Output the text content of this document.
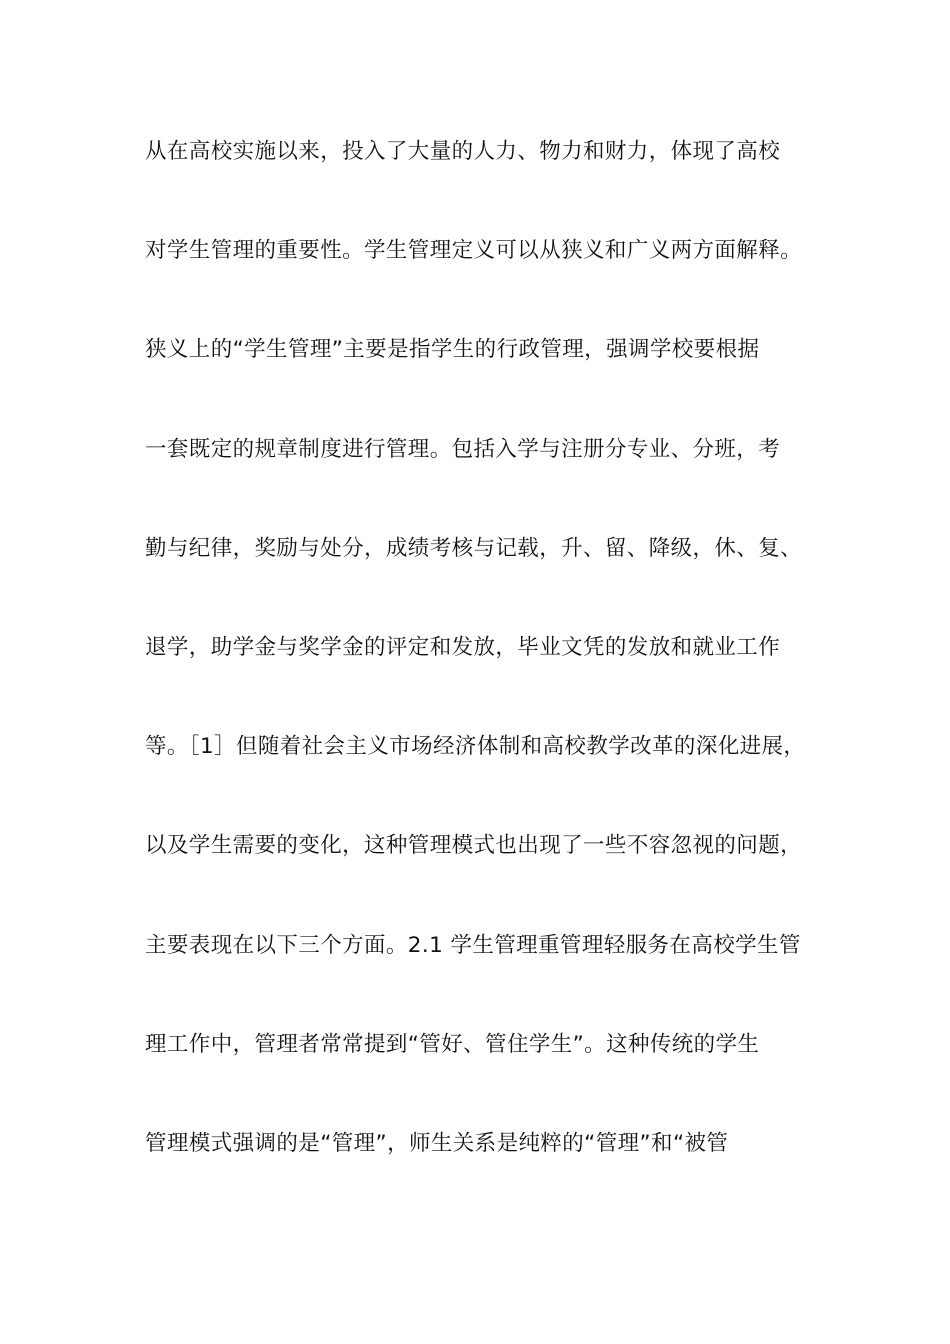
从在高校实施以来，投入了大量的人力、物力和财力，体现了高校
对学生管理的重要性。学生管理定义可以从狭义和广义两方面解释。
狭义上的“学生管理”主要是指学生的行政管理，强调学校要根据
一套既定的规章制度进行管理。包括入学与注册分专业、分班，考
勤与纪律，奖励与处分，成绩考核与记载，升、留、降级，休、复、
退学，助学金与奖学金的评定和发放，毕业文凭的发放和就业工作
等。［1］但随着社会主义市场经济体制和高校教学改革的深化进展，
以及学生需要的变化，这种管理模式也出现了一些不容忽视的问题，
主要表现在以下三个方面。2.1 学生管理重管理轻服务在高校学生管
理工作中，管理者常常提到“管好、管住学生”。这种传统的学生
管理模式强调的是“管理”，师生关系是纯粹的“管理”和“被管
